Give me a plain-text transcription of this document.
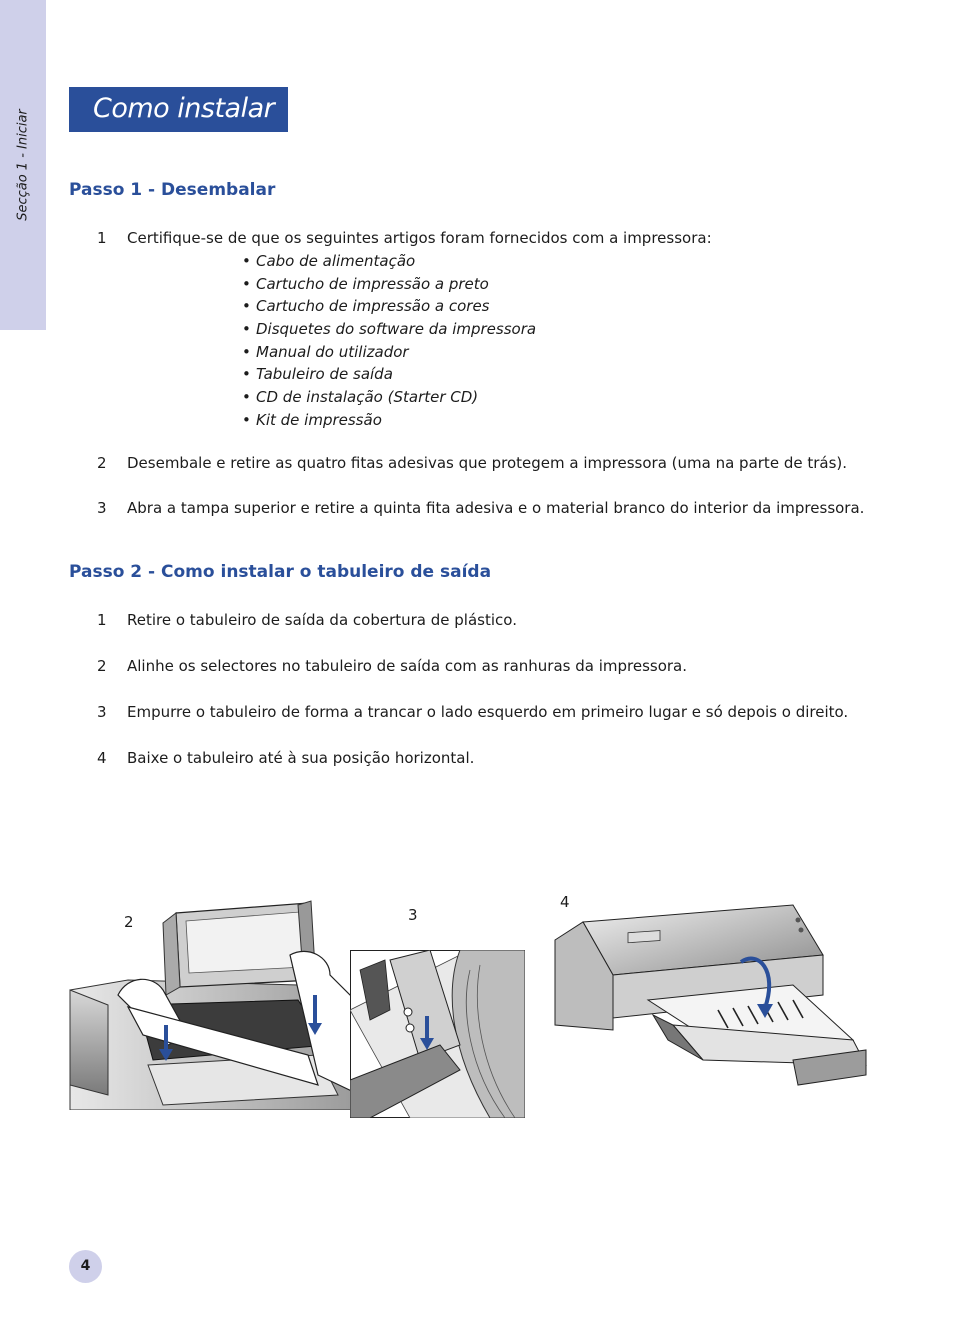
Secção 1 - Iniciar
Como instalar
Passo 1 - Desembalar
1 Certifique-se de que os seguintes artigos foram fornecidos com a impressora:
• Cabo de alimentação
• Cartucho de impressão a preto
• Cartucho de impressão a cores
• Disquetes do software da impressora
• Manual do utilizador
• Tabuleiro de saída
• CD de instalação (Starter CD)
• Kit de impressão
2 Desembale e retire as quatro fitas adesivas que protegem a impressora (uma na parte de trás).
3 Abra a tampa superior e retire a quinta fita adesiva e o material branco do interior da impressora.
Passo 2 - Como instalar o tabuleiro de saída
1 Retire o tabuleiro de saída da cobertura de plástico.
2 Alinhe os selectores no tabuleiro de saída com as ranhuras da impressora.
3 Empurre o tabuleiro de forma a trancar o lado esquerdo em primeiro lugar e só depois o direito.
4 Baixe o tabuleiro até à sua posição horizontal.
2	3
4
4
